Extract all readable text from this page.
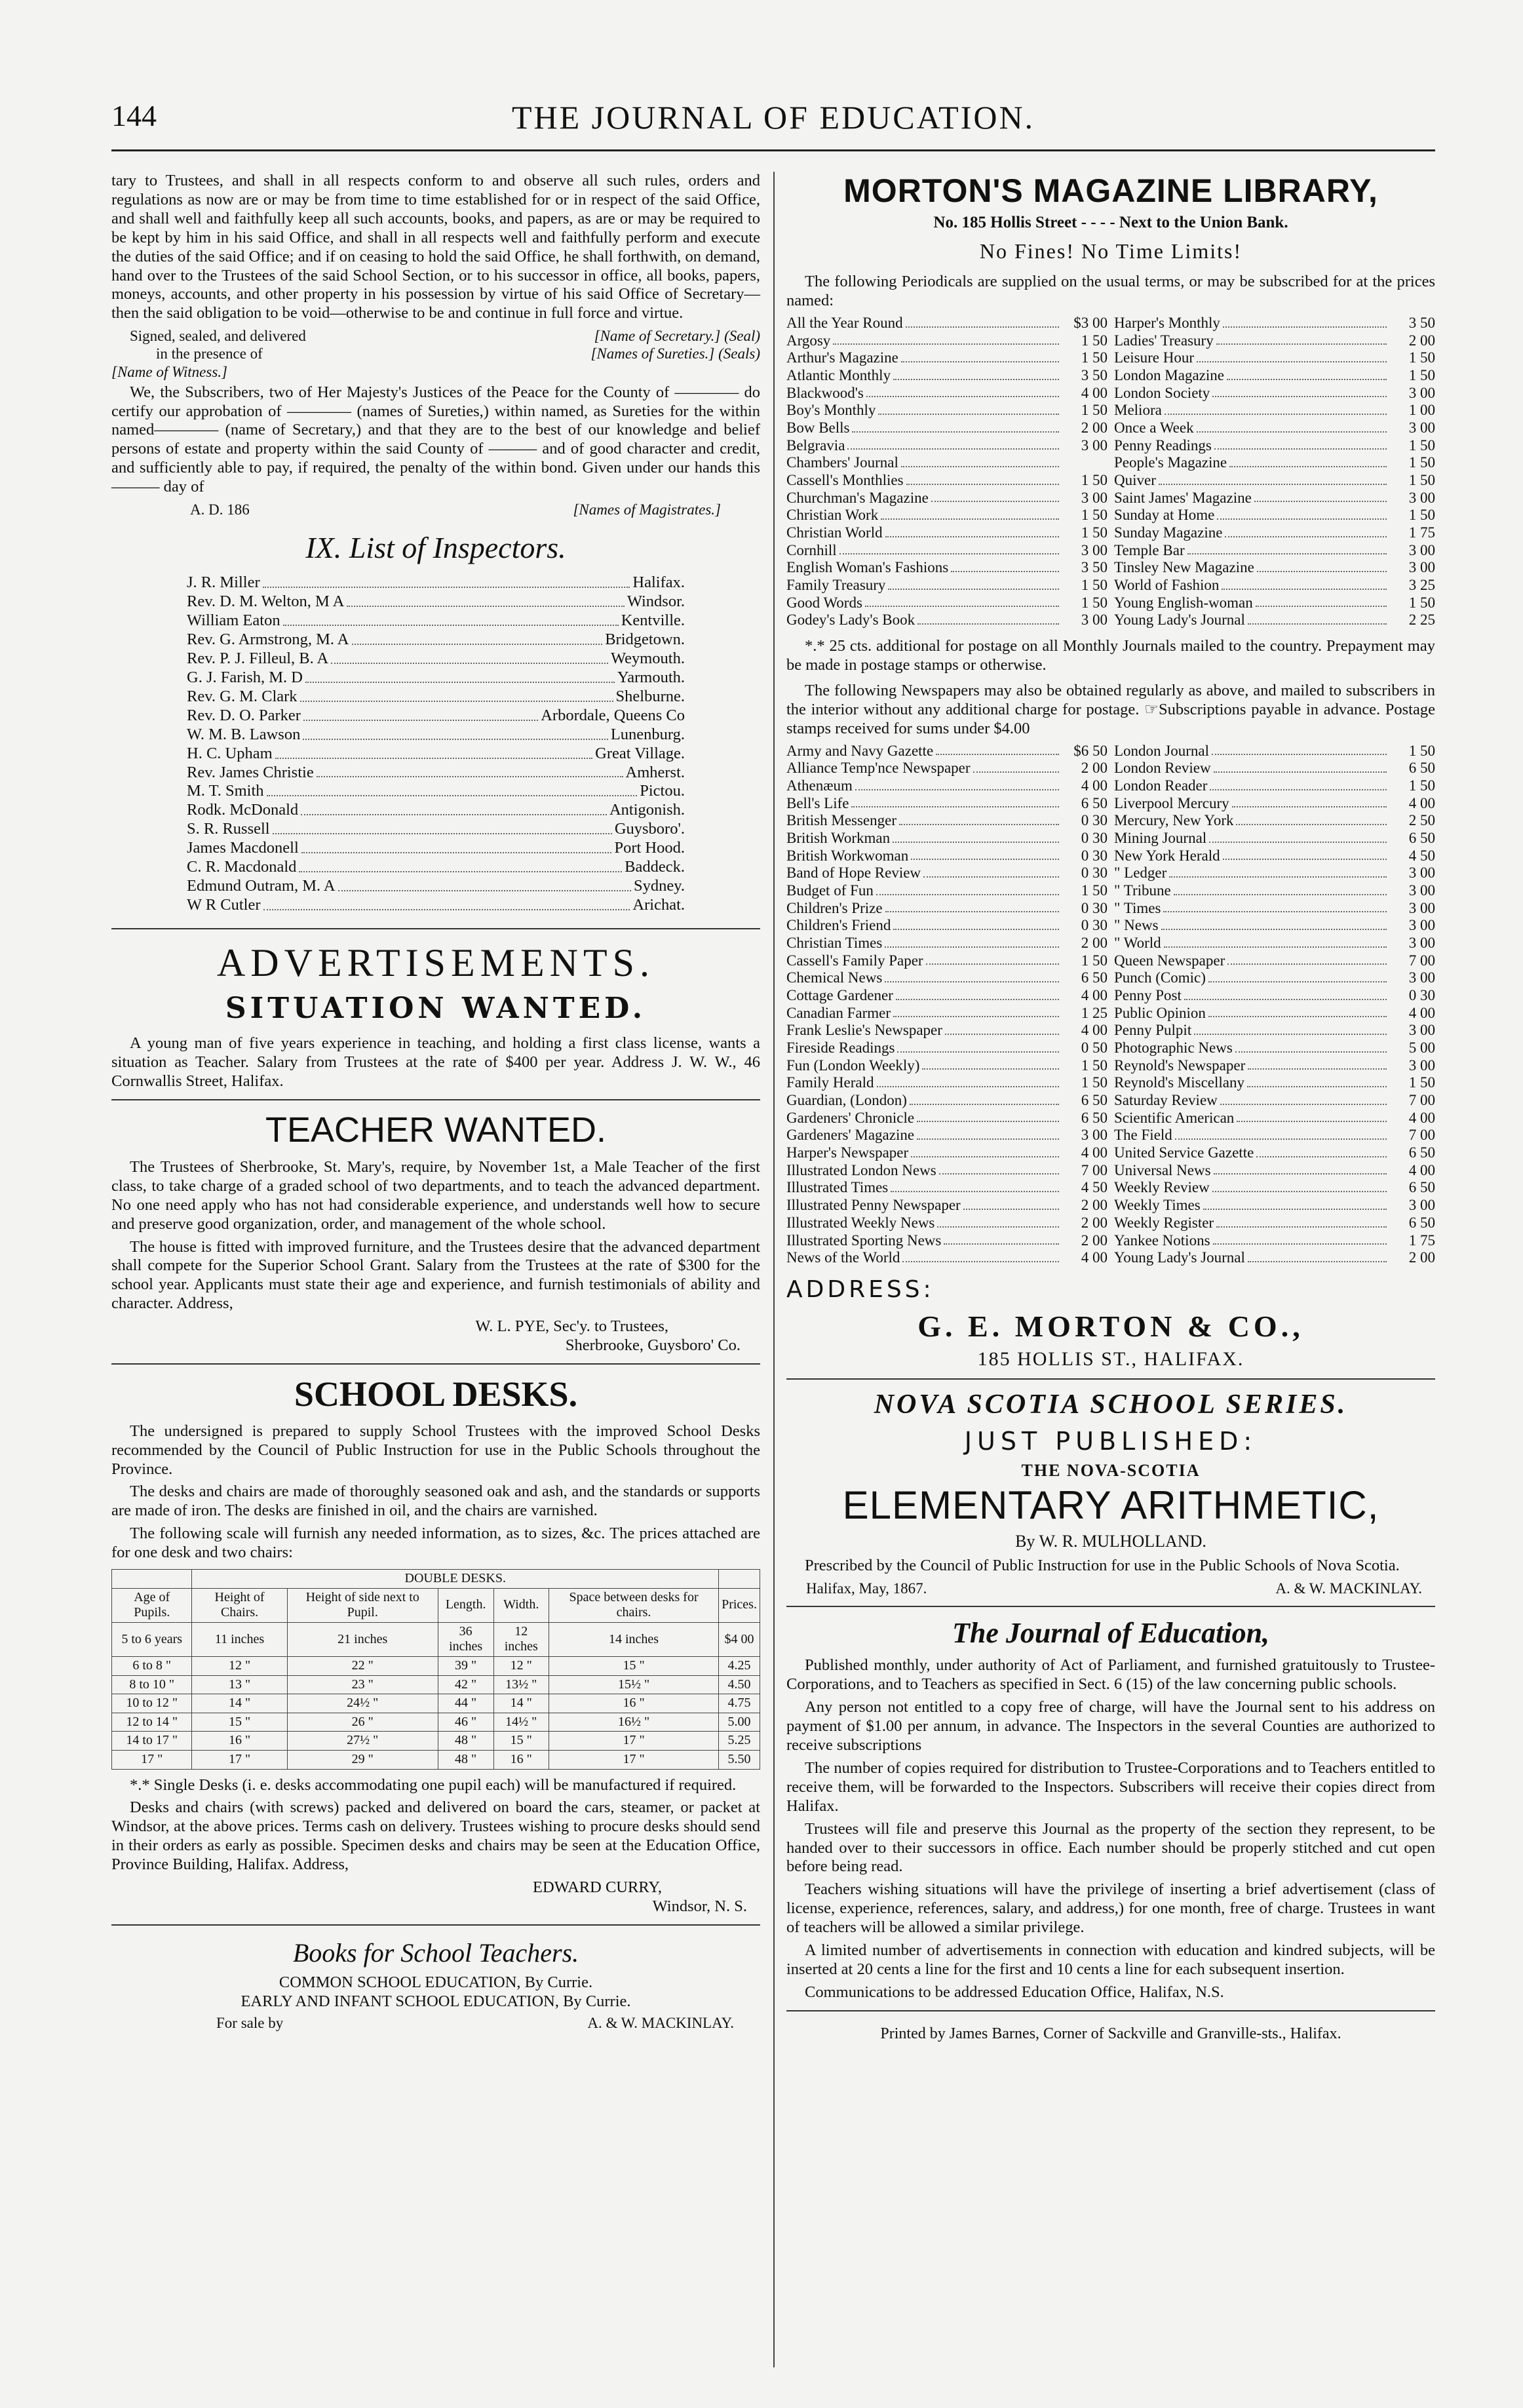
144	THE JOURNAL OF EDUCATION.

tary to Trustees, and shall in all respects conform to and observe all such rules, orders and regulations as now are or may be from time to time established for or in respect of the said Office, and shall well and faithfully keep all such accounts, books, and papers, as are or may be required to be kept by him in his said Office, and shall in all respects well and faithfully perform and execute the duties of the said Office; and if on ceasing to hold the said Office, he shall forthwith, on demand, hand over to the Trustees of the said School Section, or to his successor in office, all books, papers, moneys, accounts, and other property in his possession by virtue of his said Office of Secretary—then the said obligation to be void—otherwise to be and continue in full force and virtue.

Signed, sealed, and delivered
in the presence of
[Name of Witness.]
[Name of Secretary.] (Seal)
[Names of Sureties.] (Seals)

We, the Subscribers, two of Her Majesty's Justices of the Peace for the County of ———— do certify our approbation of ———— (names of Sureties,) within named, as Sureties for the within named———— (name of Secretary,) and that they are to the best of our knowledge and belief persons of estate and property within the said County of ——— and of good character and credit, and sufficiently able to pay, if required, the penalty of the within bond. Given under our hands this ——— day of

A. D. 186	[Names of Magistrates.]
IX. List of Inspectors.
J. R. Miller	Halifax.
Rev. D. M. Welton, M A	Windsor.
William Eaton	Kentville.
Rev. G. Armstrong, M. A	Bridgetown.
Rev. P. J. Filleul, B. A	Weymouth.
G. J. Farish, M. D	Yarmouth.
Rev. G. M. Clark	Shelburne.
Rev. D. O. Parker	Arbordale, Queens Co
W. M. B. Lawson	Lunenburg.
H. C. Upham	Great Village.
Rev. James Christie	Amherst.
M. T. Smith	Pictou.
Rodk. McDonald	Antigonish.
S. R. Russell	Guysboro'.
James Macdonell	Port Hood.
C. R. Macdonald	Baddeck.
Edmund Outram, M. A	Sydney.
W R Cutler	Arichat.
ADVERTISEMENTS.
SITUATION WANTED.

A young man of five years experience in teaching, and holding a first class license, wants a situation as Teacher. Salary from Trustees at the rate of $400 per year. Address J. W. W., 46 Cornwallis Street, Halifax.

TEACHER WANTED.

The Trustees of Sherbrooke, St. Mary's, require, by November 1st, a Male Teacher of the first class, to take charge of a graded school of two departments, and to teach the advanced department. No one need apply who has not had considerable experience, and understands well how to secure and preserve good organization, order, and management of the whole school.

The house is fitted with improved furniture, and the Trustees desire that the advanced department shall compete for the Superior School Grant. Salary from the Trustees at the rate of $300 for the school year. Applicants must state their age and experience, and furnish testimonials of ability and character. Address,

W. L. PYE, Sec'y. to Trustees,
Sherbrooke, Guysboro' Co.
SCHOOL DESKS.

The undersigned is prepared to supply School Trustees with the improved School Desks recommended by the Council of Public Instruction for use in the Public Schools throughout the Province.

The desks and chairs are made of thoroughly seasoned oak and ash, and the standards or supports are made of iron. The desks are finished in oil, and the chairs are varnished.

The following scale will furnish any needed information, as to sizes, &c. The prices attached are for one desk and two chairs:

	DOUBLE DESKS.					
Age of Pupils.	Height of Chairs.	Height of side next to Pupil.	Length.	Width.	Space between desks for chairs.	Prices.
5 to 6 years	11 inches	21 inches	36 inches	12 inches	14 inches	$4 00
6 to 8 "	12 "	22 "	39 "	12 "	15 "	4.25
8 to 10 "	13 "	23 "	42 "	13½ "	15½ "	4.50
10 to 12 "	14 "	24½ "	44 "	14 "	16 "	4.75
12 to 14 "	15 "	26 "	46 "	14½ "	16½ "	5.00
14 to 17 "	16 "	27½ "	48 "	15 "	17 "	5.25
17 "	17 "	29 "	48 "	16 "	17 "	5.50

*.* Single Desks (i. e. desks accommodating one pupil each) will be manufactured if required.

Desks and chairs (with screws) packed and delivered on board the cars, steamer, or packet at Windsor, at the above prices. Terms cash on delivery. Trustees wishing to procure desks should send in their orders as early as possible. Specimen desks and chairs may be seen at the Education Office, Province Building, Halifax. Address,

EDWARD CURRY,
Windsor, N. S.
Books for School Teachers.
COMMON SCHOOL EDUCATION, By Currie.
EARLY AND INFANT SCHOOL EDUCATION, By Currie.
For sale by	A. & W. MACKINLAY.
MORTON'S MAGAZINE LIBRARY,
No. 185 Hollis Street - - - - Next to the Union Bank.
No Fines! No Time Limits!

The following Periodicals are supplied on the usual terms, or may be subscribed for at the prices named:

All the Year Round	$3 00
Argosy	1 50
Arthur's Magazine	1 50
Atlantic Monthly	3 50
Blackwood's	4 00
Boy's Monthly	1 50
Bow Bells	2 00
Belgravia	3 00
Chambers' Journal
Cassell's Monthlies	1 50
Churchman's Magazine	3 00
Christian Work	1 50
Christian World	1 50
Cornhill	3 00
English Woman's Fashions	3 50
Family Treasury	1 50
Good Words	1 50
Godey's Lady's Book	3 00
Harper's Monthly	3 50
Ladies' Treasury	2 00
Leisure Hour	1 50
London Magazine	1 50
London Society	3 00
Meliora	1 00
Once a Week	3 00
Penny Readings	1 50
People's Magazine	1 50
Quiver	1 50
Saint James' Magazine	3 00
Sunday at Home	1 50
Sunday Magazine	1 75
Temple Bar	3 00
Tinsley New Magazine	3 00
World of Fashion	3 25
Young English-woman	1 50
Young Lady's Journal	2 25

*.* 25 cts. additional for postage on all Monthly Journals mailed to the country. Prepayment may be made in postage stamps or otherwise.

The following Newspapers may also be obtained regularly as above, and mailed to subscribers in the interior without any additional charge for postage. ☞Subscriptions payable in advance. Postage stamps received for sums under $4.00

Army and Navy Gazette	$6 50
Alliance Temp'nce Newspaper	2 00
Athenæum	4 00
Bell's Life	6 50
British Messenger	0 30
British Workman	0 30
British Workwoman	0 30
Band of Hope Review	0 30
Budget of Fun	1 50
Children's Prize	0 30
Children's Friend	0 30
Christian Times	2 00
Cassell's Family Paper	1 50
Chemical News	6 50
Cottage Gardener	4 00
Canadian Farmer	1 25
Frank Leslie's Newspaper	4 00
Fireside Readings	0 50
Fun (London Weekly)	1 50
Family Herald	1 50
Guardian, (London)	6 50
Gardeners' Chronicle	6 50
Gardeners' Magazine	3 00
Harper's Newspaper	4 00
Illustrated London News	7 00
Illustrated Times	4 50
Illustrated Penny Newspaper	2 00
Illustrated Weekly News	2 00
Illustrated Sporting News	2 00
News of the World	4 00
London Journal	1 50
London Review	6 50
London Reader	1 50
Liverpool Mercury	4 00
Mercury, New York	2 50
Mining Journal	6 50
New York Herald	4 50
" Ledger	3 00
" Tribune	3 00
" Times	3 00
" News	3 00
" World	3 00
Queen Newspaper	7 00
Punch (Comic)	3 00
Penny Post	0 30
Public Opinion	4 00
Penny Pulpit	3 00
Photographic News	5 00
Reynold's Newspaper	3 00
Reynold's Miscellany	1 50
Saturday Review	7 00
Scientific American	4 00
The Field	7 00
United Service Gazette	6 50
Universal News	4 00
Weekly Review	6 50
Weekly Times	3 00
Weekly Register	6 50
Yankee Notions	1 75
Young Lady's Journal	2 00
ADDRESS:
G. E. MORTON & CO.,
185 HOLLIS ST., HALIFAX.
NOVA SCOTIA SCHOOL SERIES.
JUST PUBLISHED:
THE NOVA-SCOTIA
ELEMENTARY ARITHMETIC,
By W. R. MULHOLLAND.

Prescribed by the Council of Public Instruction for use in the Public Schools of Nova Scotia.

Halifax, May, 1867.	A. & W. MACKINLAY.
The Journal of Education,

Published monthly, under authority of Act of Parliament, and furnished gratuitously to Trustee-Corporations, and to Teachers as specified in Sect. 6 (15) of the law concerning public schools.

Any person not entitled to a copy free of charge, will have the Journal sent to his address on payment of $1.00 per annum, in advance. The Inspectors in the several Counties are authorized to receive subscriptions

The number of copies required for distribution to Trustee-Corporations and to Teachers entitled to receive them, will be forwarded to the Inspectors. Subscribers will receive their copies direct from Halifax.

Trustees will file and preserve this Journal as the property of the section they represent, to be handed over to their successors in office. Each number should be properly stitched and cut open before being read.

Teachers wishing situations will have the privilege of inserting a brief advertisement (class of license, experience, references, salary, and address,) for one month, free of charge. Trustees in want of teachers will be allowed a similar privilege.

A limited number of advertisements in connection with education and kindred subjects, will be inserted at 20 cents a line for the first and 10 cents a line for each subsequent insertion.

Communications to be addressed Education Office, Halifax, N.S.

Printed by James Barnes, Corner of Sackville and Granville-sts., Halifax.
